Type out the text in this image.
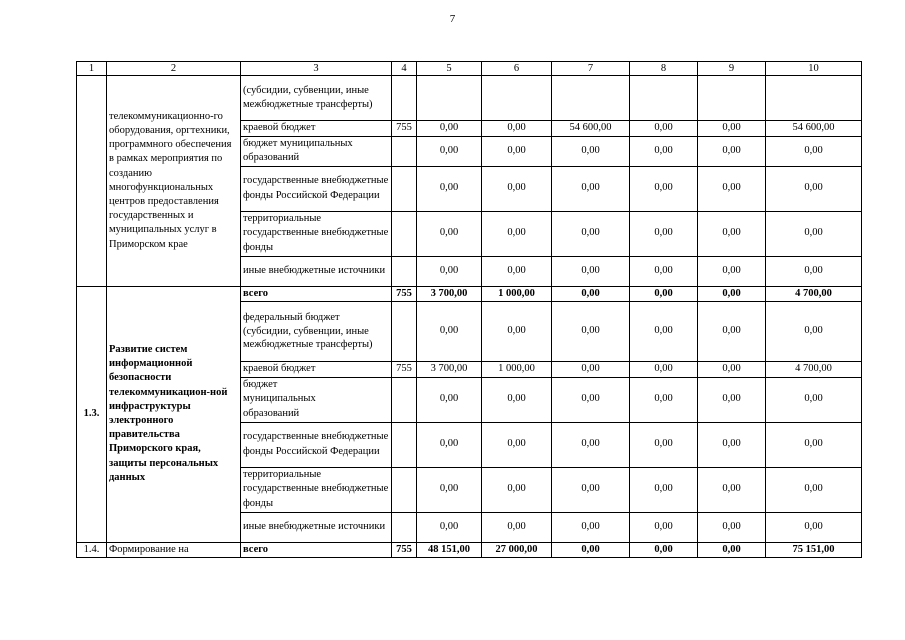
7
1	2	3	4	5	6	7	8	9	10
	телекоммуникационно-го оборудования, оргтехники, программного обеспечения в рамках мероприятия по созданию многофункциональных центров предоставления государственных и муниципальных услуг в Приморском крае	(субсидии, субвенции, иные межбюджетные трансферты)							
		краевой бюджет	755	0,00	0,00	54 600,00	0,00	0,00	54 600,00
		бюджет муниципальных образований		0,00	0,00	0,00	0,00	0,00	0,00
		государственные внебюджетные фонды Российской Федерации		0,00	0,00	0,00	0,00	0,00	0,00
		территориальные государственные внебюджетные фонды		0,00	0,00	0,00	0,00	0,00	0,00
		иные внебюджетные источники		0,00	0,00	0,00	0,00	0,00	0,00
1.3.	Развитие систем информационной безопасности телекоммуникацион-ной инфраструктуры электронного правительства Приморского края, защиты персональных данных	всего	755	3 700,00	1 000,00	0,00	0,00	0,00	4 700,00
		федеральный бюджет (субсидии, субвенции, иные межбюджетные трансферты)		0,00	0,00	0,00	0,00	0,00	0,00
		краевой бюджет	755	3 700,00	1 000,00	0,00	0,00	0,00	4 700,00
		бюджет муниципальных образований		0,00	0,00	0,00	0,00	0,00	0,00
		государственные внебюджетные фонды Российской Федерации		0,00	0,00	0,00	0,00	0,00	0,00
		территориальные государственные внебюджетные фонды		0,00	0,00	0,00	0,00	0,00	0,00
		иные внебюджетные источники		0,00	0,00	0,00	0,00	0,00	0,00
1.4.	Формирование на	всего	755	48 151,00	27 000,00	0,00	0,00	0,00	75 151,00
